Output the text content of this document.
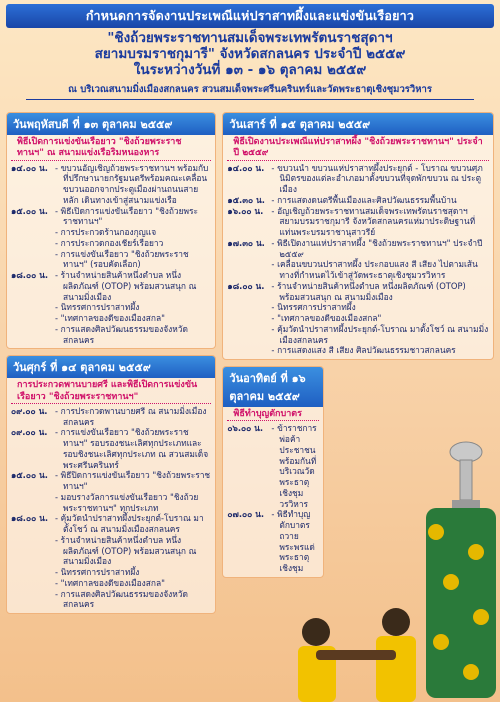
กำหนดการจัดงานประเพณีแห่ปราสาทผึ้งและแข่งขันเรือยาว
"ชิงถ้วยพระราชทานสมเด็จพระเทพรัตนราชสุดาฯ
สยามบรมราชกุมารี" จังหวัดสกลนคร ประจำปี ๒๕๕๙
ในระหว่างวันที่ ๑๓ - ๑๖ ตุลาคม ๒๕๕๙
ณ บริเวณสนามมิ่งเมืองสกลนคร สวนสมเด็จพระศรีนครินทร์และวัดพระธาตุเชิงชุมวรวิหาร
วันพฤหัสบดี ที่ ๑๓ ตุลาคม ๒๕๕๙
พิธีเปิดการแข่งขันเรือยาว "ชิงถ้วยพระราชทานฯ" ณ สนามแข่งเรือริมหนองหาร
๑๔.๐๐ น. - ขบวนอัญเชิญถ้วยพระราชทานฯ พร้อมกับที่ปรึกษานายกรัฐมนตรีพร้อมคณะเคลื่อนขบวนออกจากประตูเมืองผ่านถนนสายหลัก เดินทางเข้าสู่สนามแข่งเรือ
๑๕.๐๐ น. - พิธีเปิดการแข่งขันเรือยาว "ชิงถ้วยพระราชทานฯ"
- การประกวดร้านกองกุญแจ
- การประกวดกองเชียร์เรือยาว
- การแข่งขันเรือยาว "ชิงถ้วยพระราชทานฯ" (รอบคัดเลือก)
๑๘.๐๐ น. - ร้านจำหน่ายสินค้าหนึ่งตำบล หนึ่งผลิตภัณฑ์ (OTOP) พร้อมสวนสนุก ณ สนามมิ่งเมือง
- นิทรรศการปราสาทผึ้ง
- "เทศกาลของดีของเมืองสกล"
- การแสดงศิลปวัฒนธรรมของจังหวัดสกลนคร
วันศุกร์ ที่ ๑๔ ตุลาคม ๒๕๕๙
การประกวดพานบายศรี และพิธีเปิดการแข่งขันเรือยาว "ชิงถ้วยพระราชทานฯ"
๐๙.๐๐ น. - การประกวดพานบายศรี ณ สนามมิ่งเมืองสกลนคร
๐๙.๐๐ น. - การแข่งขันเรือยาว "ชิงถ้วยพระราชทานฯ" รอบรองชนะเลิศทุกประเภทและรอบชิงชนะเลิศทุกประเภท ณ สวนสมเด็จพระศรีนครินทร์
๑๕.๐๐ น. - พิธีปิดการแข่งขันเรือยาว "ชิงถ้วยพระราชทานฯ"
- มอบรางวัลการแข่งขันเรือยาว "ชิงถ้วยพระราชทานฯ" ทุกประเภท
๑๘.๐๐ น. - คุ้มวัดนำปราสาทผึ้งประยุกต์-โบราณ มาตั้งโชว์ ณ สนามมิ่งเมืองสกลนคร
- ร้านจำหน่ายสินค้าหนึ่งตำบล หนึ่งผลิตภัณฑ์ (OTOP) พร้อมสวนสนุก ณ สนามมิ่งเมือง
- นิทรรศการปราสาทผึ้ง
- "เทศกาลของดีของเมืองสกล"
- การแสดงศิลปวัฒนธรรมของจังหวัดสกลนคร
วันเสาร์ ที่ ๑๕ ตุลาคม ๒๕๕๙
พิธีเปิดงานประเพณีแห่ปราสาทผึ้ง "ชิงถ้วยพระราชทานฯ" ประจำปี ๒๕๕๙
๑๔.๐๐ น. - ขบวนนำ ขบวนแห่ปราสาทผึ้งประยุกต์ - โบราณ ขบวนศุภนิมิตรของแต่ละอำเภอมาตั้งขบวนที่จุดพักขบวน ณ ประตูเมือง
๑๕.๓๐ น. - การแสดงดนตรีพื้นเมืองและศิลปวัฒนธรรมพื้นบ้าน
๑๖.๐๐ น. - อัญเชิญถ้วยพระราชทานสมเด็จพระเทพรัตนราชสุดาฯ สยามบรมราชกุมารี จังหวัดสกลนครแห่มาประดิษฐานที่แท่นพระบรมราชานุสาวรีย์
๑๗.๓๐ น. - พิธีเปิดงานแห่ปราสาทผึ้ง "ชิงถ้วยพระราชทานฯ" ประจำปี ๒๕๕๙
- เคลื่อนขบวนปราสาทผึ้ง ประกอบแสง สี เสียง ไปตามเส้นทางที่กำหนดไว้เข้าสู่วัดพระธาตุเชิงชุมวรวิหาร
๑๘.๐๐ น. - ร้านจำหน่ายสินค้าหนึ่งตำบล หนึ่งผลิตภัณฑ์ (OTOP) พร้อมสวนสนุก ณ สนามมิ่งเมือง
- นิทรรศการปราสาทผึ้ง
- "เทศกาลของดีของเมืองสกล"
- คุ้มวัดนำปราสาทผึ้งประยุกต์-โบราณ มาตั้งโชว์ ณ สนามมิ่งเมืองสกลนคร
- การแสดงแสง สี เสียง ศิลปวัฒนธรรมชาวสกลนคร
วันอาทิตย์ ที่ ๑๖ ตุลาคม ๒๕๕๙
พิธีทำบุญตักบาตร
๐๖.๐๐ น. - ข้าราชการ พ่อค้า ประชาชนพร้อมกันที่บริเวณวัดพระธาตุเชิงชุมวรวิหาร
๐๗.๐๐ น. - พิธีทำบุญตักบาตรถวายพระพรแด่พระธาตุเชิงชุม
